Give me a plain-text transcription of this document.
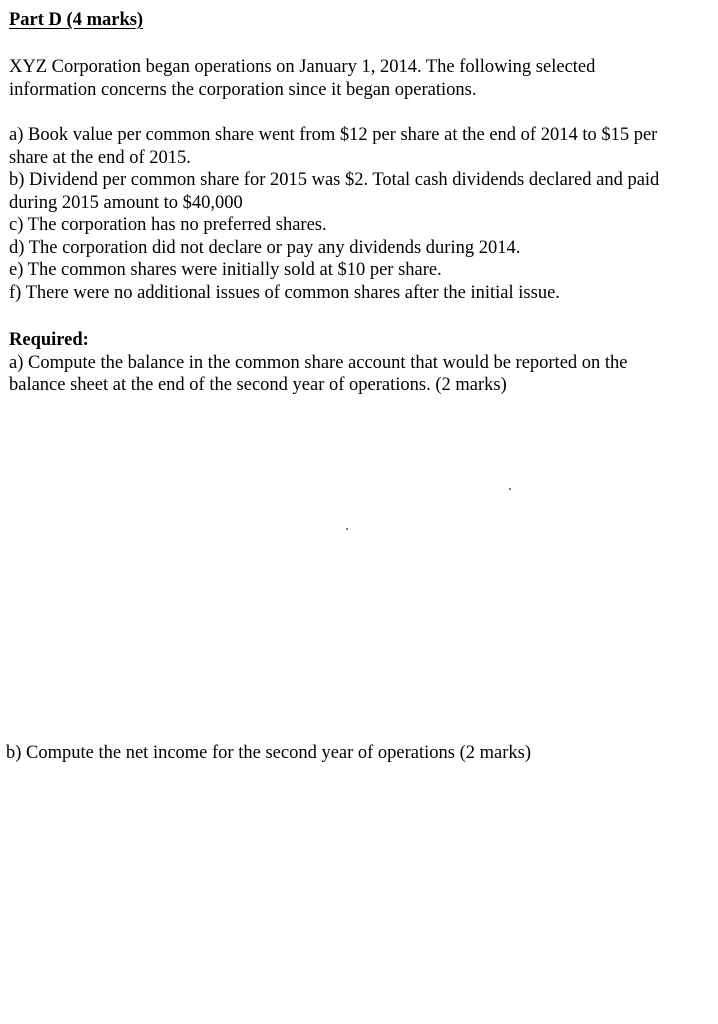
Part D (4 marks)
XYZ Corporation began operations on January 1, 2014. The following selected
information concerns the corporation since it began operations.
a) Book value per common share went from $12 per share at the end of 2014 to $15 per
share at the end of 2015.
b) Dividend per common share for 2015 was $2. Total cash dividends declared and paid
during 2015 amount to $40,000
c) The corporation has no preferred shares.
d) The corporation did not declare or pay any dividends during 2014.
e) The common shares were initially sold at $10 per share.
f) There were no additional issues of common shares after the initial issue.
Required:
a) Compute the balance in the common share account that would be reported on the
balance sheet at the end of the second year of operations. (2 marks)
b) Compute the net income for the second year of operations (2 marks)
